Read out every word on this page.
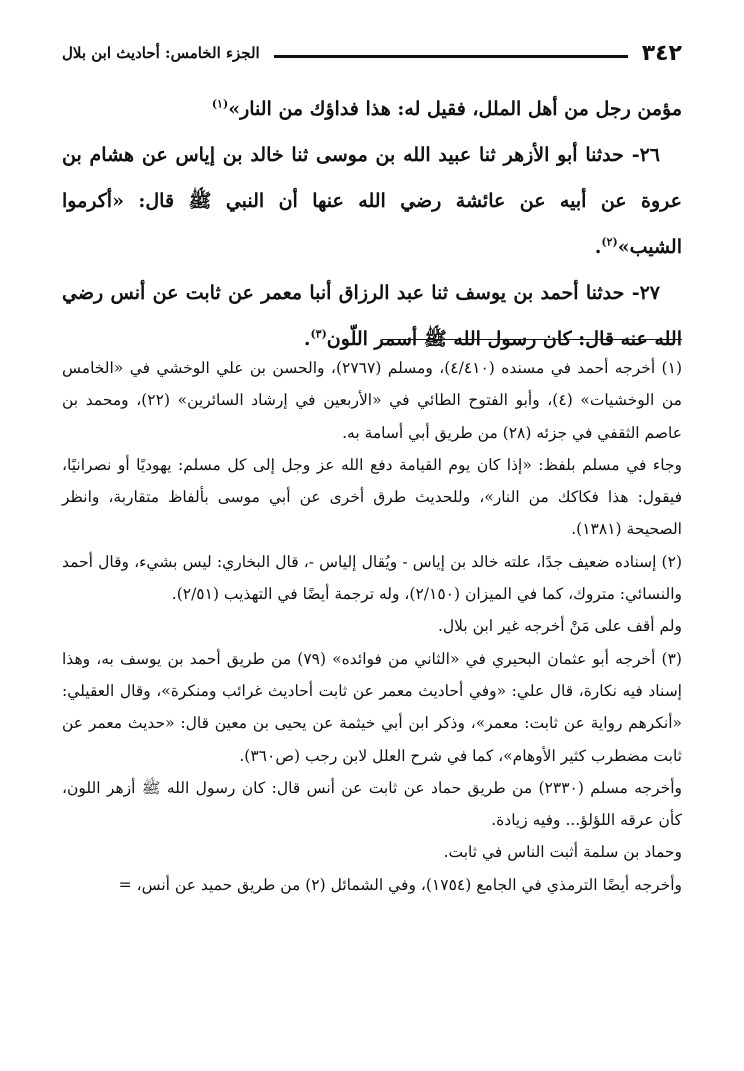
٣٤٢
الجزء الخامس: أحاديث ابن بلال

مؤمن رجل من أهل الملل، فقيل له: هذا فداؤك من النار»$^{(١)}$

٢٦- حدثنا أبو الأزهر ثنا عبيد الله بن موسى ثنا خالد بن إياس عن هشام بن عروة عن أبيه عن عائشة رضي الله عنها أن النبي ﷺ قال: «أكرموا الشيب»$^{(٢)}$.

٢٧- حدثنا أحمد بن يوسف ثنا عبد الرزاق أنبا معمر عن ثابت عن أنس رضي الله عنه قال: كان رسول الله ﷺ أسمر اللّون$^{(٣)}$.

(١) أخرجه أحمد في مسنده (٤/٤١٠)، ومسلم (٢٧٦٧)، والحسن بن علي الوخشي في «الخامس من الوخشيات» (٤)، وأبو الفتوح الطائي في «الأربعين في إرشاد السائرين» (٢٢)، ومحمد بن عاصم الثقفي في جزئه (٢٨) من طريق أبي أسامة به.

وجاء في مسلم بلفظ: «إذا كان يوم القيامة دفع الله عز وجل إلى كل مسلم: يهوديًا أو نصرانيًا، فيقول: هذا فكاكك من النار»، وللحديث طرق أخرى عن أبي موسى بألفاظ متقاربة، وانظر الصحيحة (١٣٨١).

(٢) إسناده ضعيف جدًا، علته خالد بن إياس - ويُقال إلياس -، قال البخاري: ليس بشيء، وقال أحمد والنسائي: متروك، كما في الميزان (٢/١٥٠)، وله ترجمة أيضًا في التهذيب (٢/٥١).

ولم أقف على مَنْ أخرجه غير ابن بلال.

(٣) أخرجه أبو عثمان البحيري في «الثاني من فوائده» (٧٩) من طريق أحمد بن يوسف به، وهذا إسناد فيه نكارة، قال علي: «وفي أحاديث معمر عن ثابت أحاديث غرائب ومنكرة»، وقال العقيلي: «أنكرهم رواية عن ثابت: معمر»، وذكر ابن أبي خيثمة عن يحيى بن معين قال: «حديث معمر عن ثابت مضطرب كثير الأوهام»، كما في شرح العلل لابن رجب (ص٣٦٠).

وأخرجه مسلم (٢٣٣٠) من طريق حماد عن ثابت عن أنس قال: كان رسول الله ﷺ أزهر اللون، كأن عرقه اللؤلؤ... وفيه زيادة.

وحماد بن سلمة أثبت الناس في ثابت.

وأخرجه أيضًا الترمذي في الجامع (١٧٥٤)، وفي الشمائل (٢) من طريق حميد عن أنس، =
